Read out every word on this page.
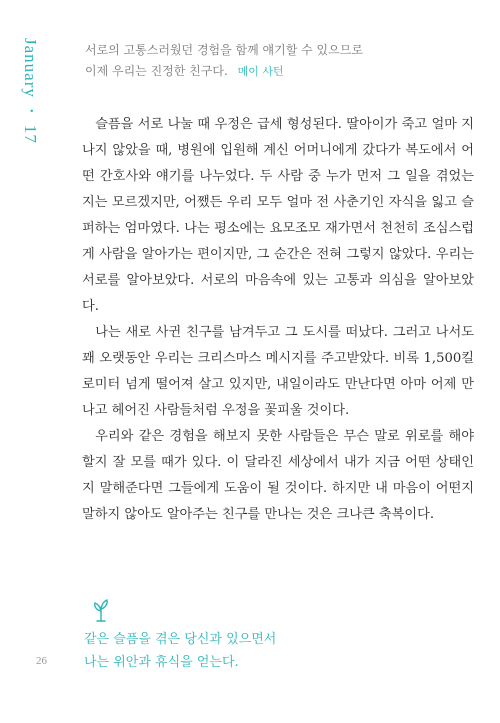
January • 17
서로의 고통스러웠던 경험을 함께 얘기할 수 있으므로
이제 우리는 진정한 친구다. 메이 사턴

슬픔을 서로 나눌 때 우정은 급세 형성된다. 딸아이가 죽고 얼마 지나지 않았을 때, 병원에 입원해 계신 어머니에게 갔다가 복도에서 어떤 간호사와 얘기를 나누었다. 두 사람 중 누가 먼저 그 일을 겪었는지는 모르겠지만, 어쨌든 우리 모두 얼마 전 사춘기인 자식을 잃고 슬퍼하는 엄마였다. 나는 평소에는 요모조모 재가면서 천천히 조심스럽게 사람을 알아가는 편이지만, 그 순간은 전혀 그렇지 않았다. 우리는 서로를 알아보았다. 서로의 마음속에 있는 고통과 의심을 알아보았다.

나는 새로 사귄 친구를 남겨두고 그 도시를 떠났다. 그러고 나서도 꽤 오랫동안 우리는 크리스마스 메시지를 주고받았다. 비록 1,500킬로미터 넘게 떨어져 살고 있지만, 내일이라도 만난다면 아마 어제 만나고 헤어진 사람들처럼 우정을 꽃피울 것이다.

우리와 같은 경험을 해보지 못한 사람들은 무슨 말로 위로를 해야 할지 잘 모를 때가 있다. 이 달라진 세상에서 내가 지금 어떤 상태인지 말해준다면 그들에게 도움이 될 것이다. 하지만 내 마음이 어떤지 말하지 않아도 알아주는 친구를 만나는 것은 크나큰 축복이다.

같은 슬픔을 겪은 당신과 있으면서
나는 위안과 휴식을 얻는다.
26
